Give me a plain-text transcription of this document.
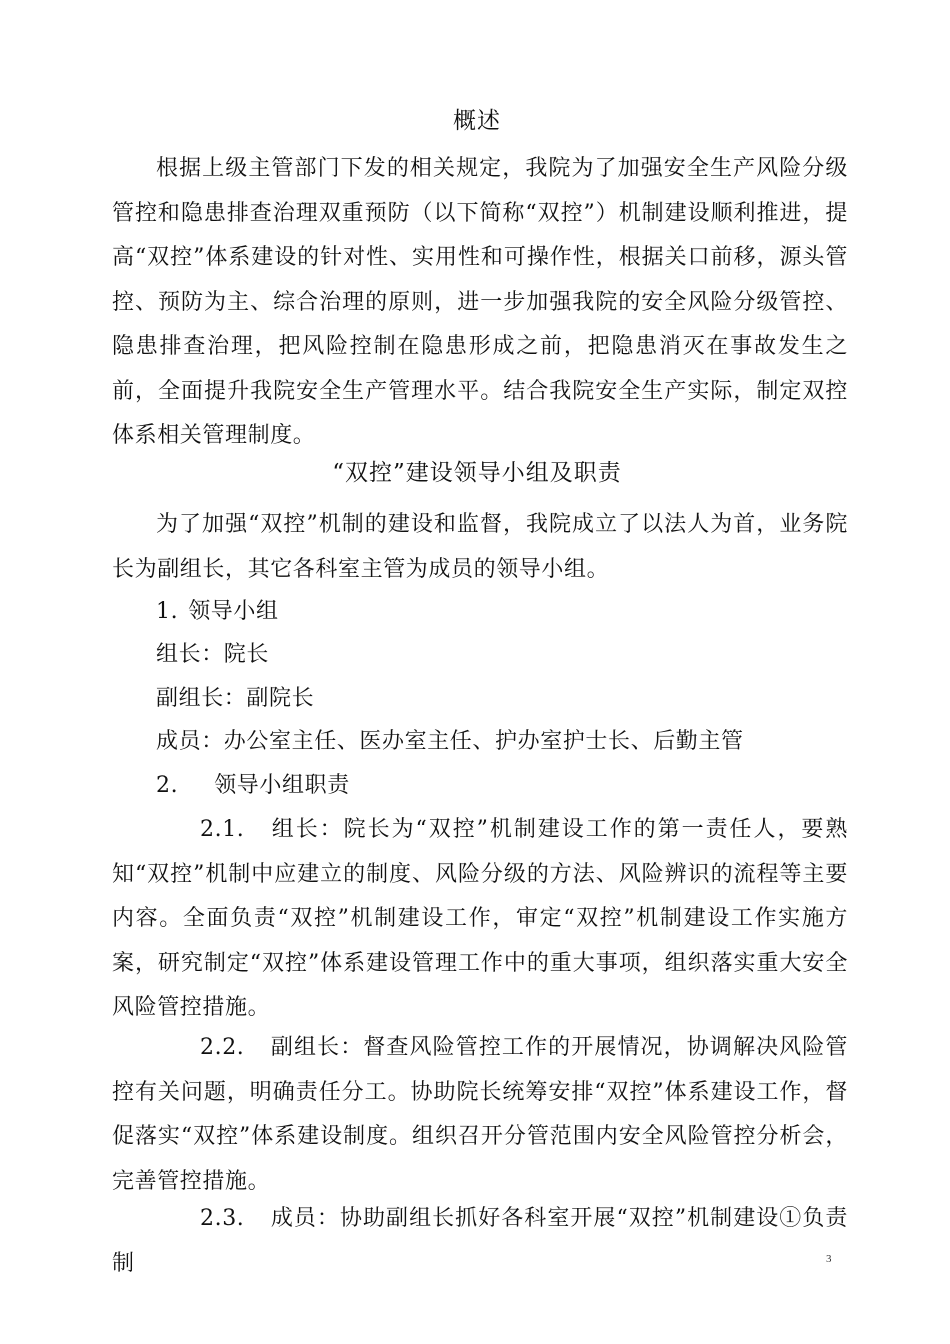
概述

根据上级主管部门下发的相关规定，我院为了加强安全生产风险分级管控和隐患排查治理双重预防（以下简称“双控”）机制建设顺利推进，提高“双控”体系建设的针对性、实用性和可操作性，根据关口前移，源头管控、预防为主、综合治理的原则，进一步加强我院的安全风险分级管控、隐患排查治理，把风险控制在隐患形成之前，把隐患消灭在事故发生之前，全面提升我院安全生产管理水平。结合我院安全生产实际，制定双控体系相关管理制度。

“双控”建设领导小组及职责

为了加强“双控”机制的建设和监督，我院成立了以法人为首，业务院长为副组长，其它各科室主管为成员的领导小组。

1. 领导小组
组长：院长
副组长：副院长
成员：办公室主任、医办室主任、护办室护士长、后勤主管
2. 领导小组职责

2.1. 组长：院长为“双控”机制建设工作的第一责任人，要熟知“双控”机制中应建立的制度、风险分级的方法、风险辨识的流程等主要内容。全面负责“双控”机制建设工作，审定“双控”机制建设工作实施方案，研究制定“双控”体系建设管理工作中的重大事项，组织落实重大安全风险管控措施。

2.2. 副组长：督查风险管控工作的开展情况，协调解决风险管控有关问题，明确责任分工。协助院长统筹安排“双控”体系建设工作，督促落实“双控”体系建设制度。组织召开分管范围内安全风险管控分析会，完善管控措施。

2.3. 成员：协助副组长抓好各科室开展“双控”机制建设①负责制	3
